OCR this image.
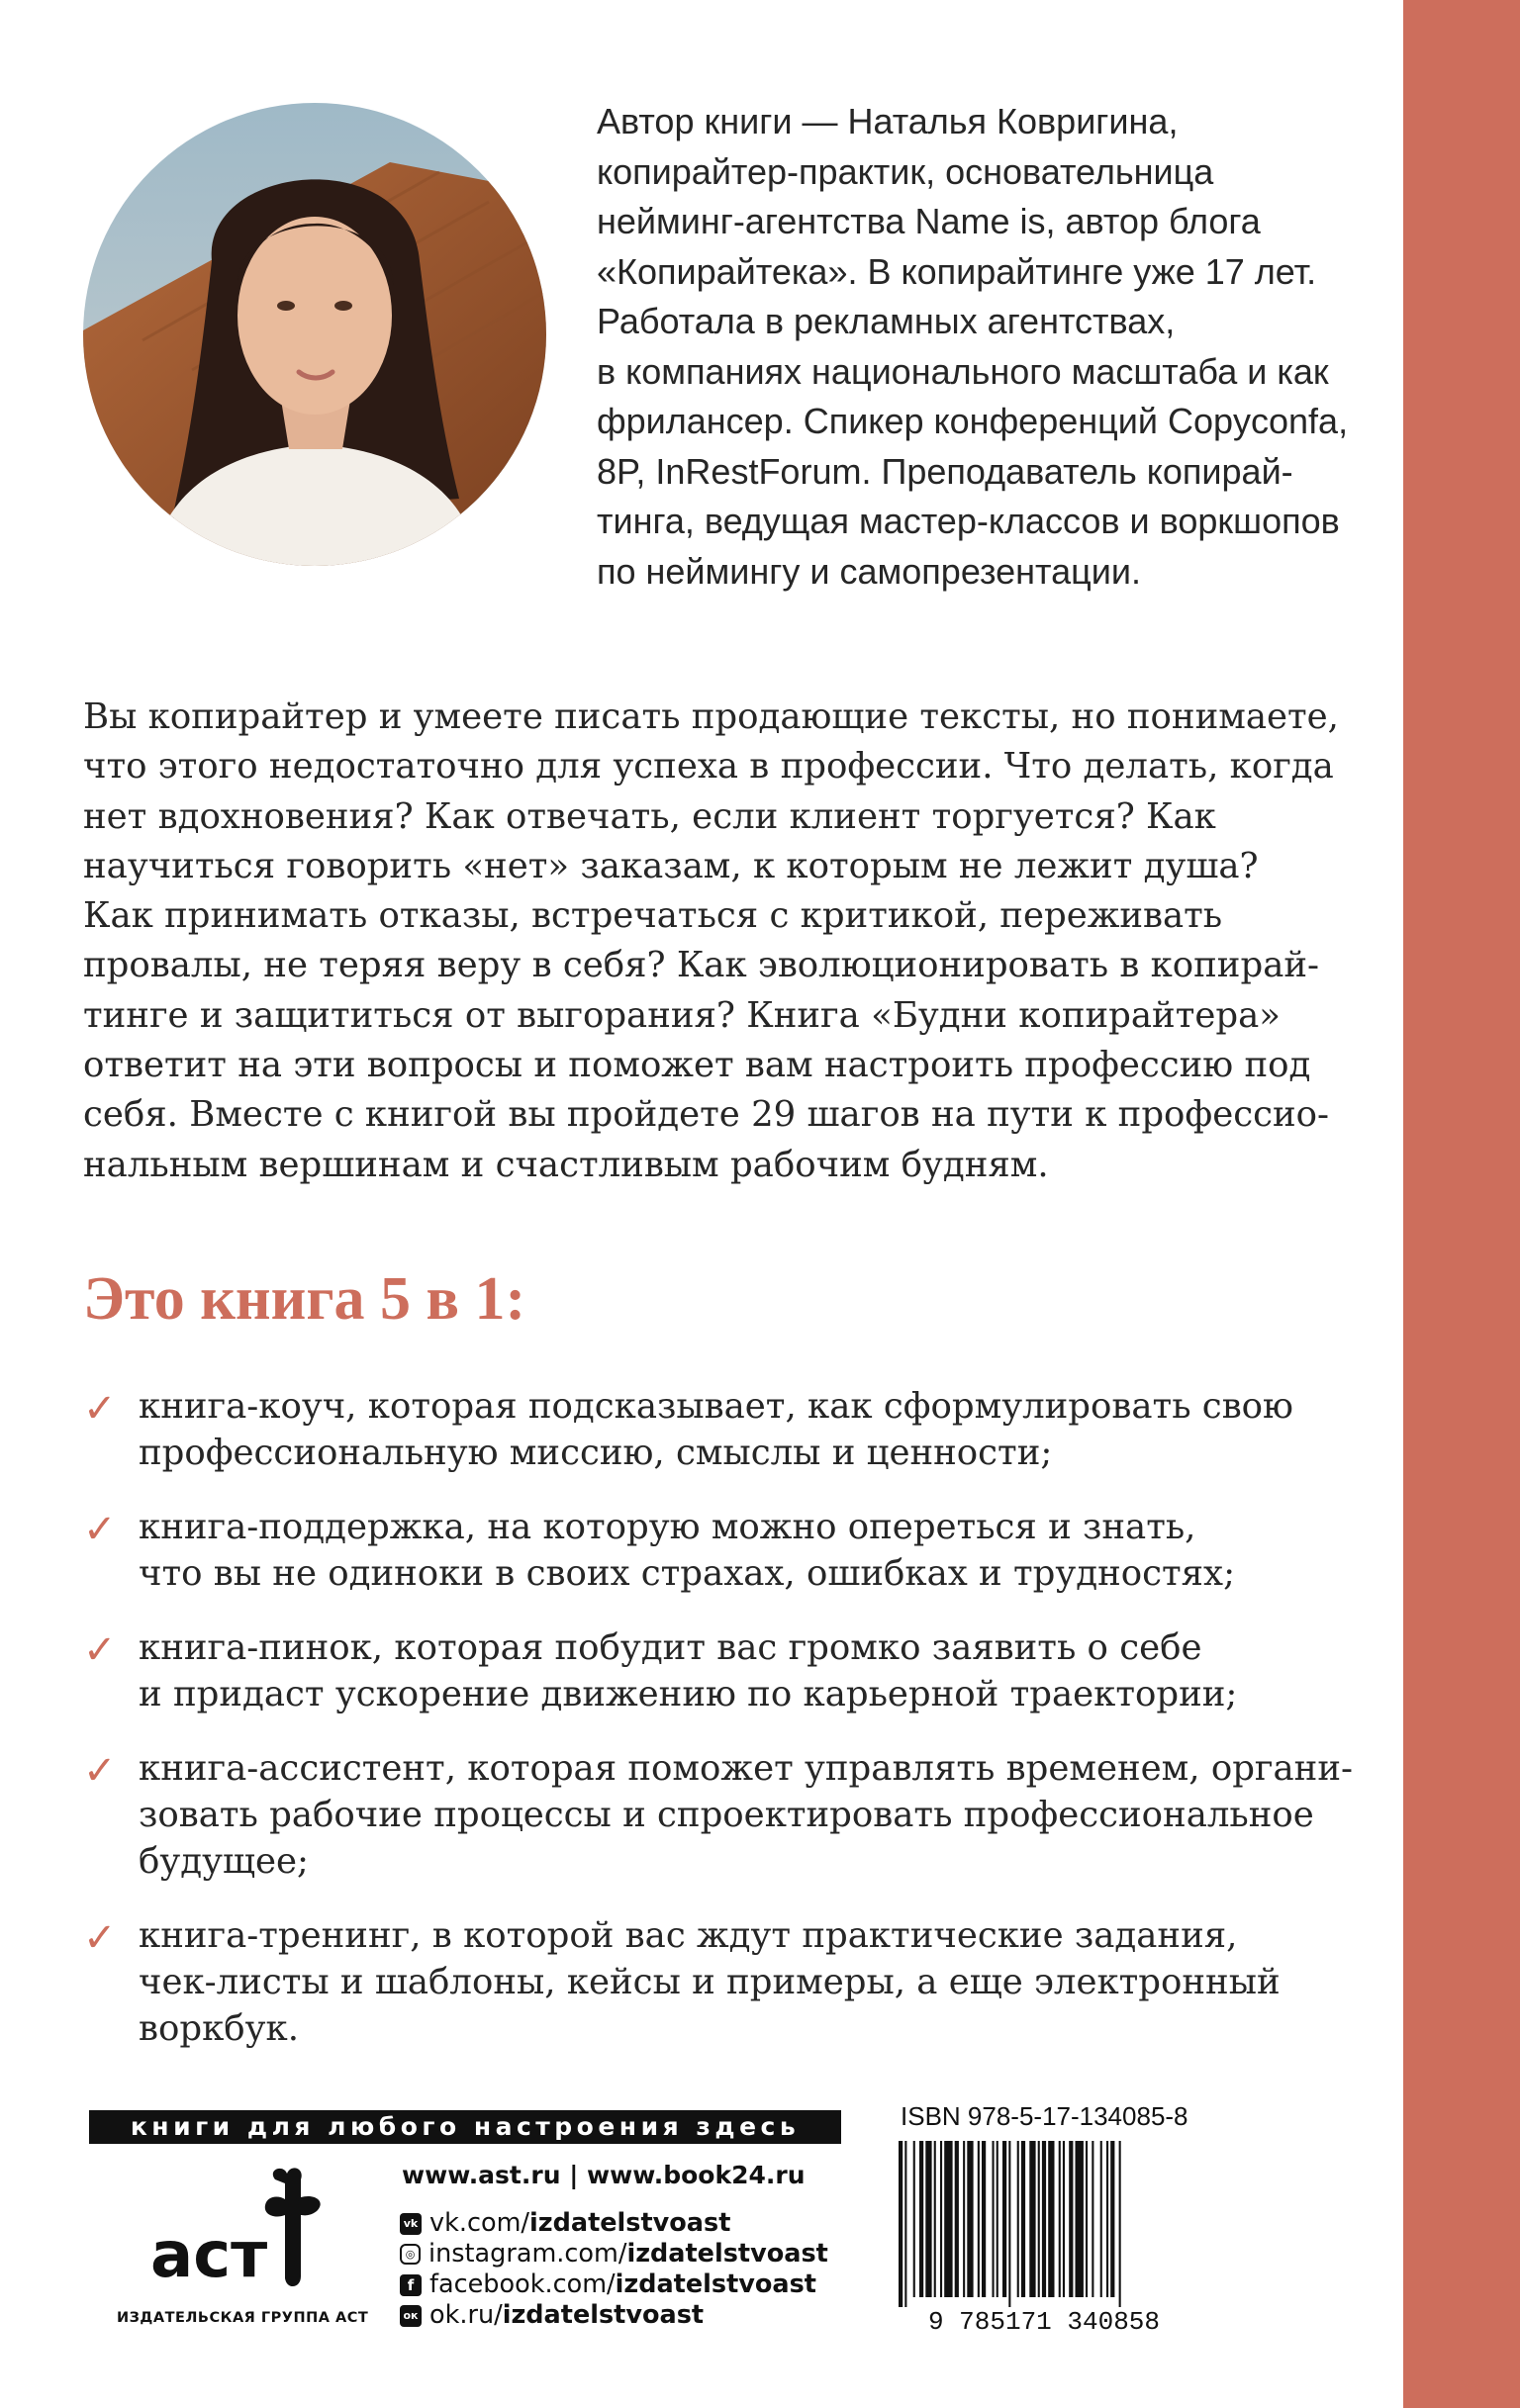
Автор книги — Наталья Ковригина,
копирайтер-практик, основательница
нейминг-агентства Name is, автор блога
«Копирайтека». В копирайтинге уже 17 лет.
Работала в рекламных агентствах,
в компаниях национального масштаба и как
фрилансер. Спикер конференций Copyconfa,
8P, InRestForum. Преподаватель копирай-
тинга, ведущая мастер-классов и воркшопов
по неймингу и самопрезентации.
Вы копирайтер и умеете писать продающие тексты, но понимаете,
что этого недостаточно для успеха в профессии. Что делать, когда
нет вдохновения? Как отвечать, если клиент торгуется? Как
научиться говорить «нет» заказам, к которым не лежит душа?
Как принимать отказы, встречаться с критикой, переживать
провалы, не теряя веру в себя? Как эволюционировать в копирай-
тинге и защититься от выгорания? Книга «Будни копирайтера»
ответит на эти вопросы и поможет вам настроить профессию под
себя. Вместе с книгой вы пройдете 29 шагов на пути к профессио-
нальным вершинам и счастливым рабочим будням.
Это книга 5 в 1:
✓ книга-коуч, которая подсказывает, как сформулировать свою
профессиональную миссию, смыслы и ценности;
✓ книга-поддержка, на которую можно опереться и знать,
что вы не одиноки в своих страхах, ошибках и трудностях;
✓ книга-пинок, которая побудит вас громко заявить о себе
и придаст ускорение движению по карьерной траектории;
✓ книга-ассистент, которая поможет управлять временем, органи-
зовать рабочие процессы и спроектировать профессиональное
будущее;
✓ книга-тренинг, в которой вас ждут практические задания,
чек-листы и шаблоны, кейсы и примеры, а еще электронный
воркбук.
книги для любого настроения здесь
аст
ИЗДАТЕЛЬСКАЯ ГРУППА АСТ
www.ast.ru | www.book24.ru
vk vk.com/ izdatelstvoast
◎ instagram.com/ izdatelstvoast
f facebook.com/ izdatelstvoast
ок ok.ru/ izdatelstvoast
ISBN 978-5-17-134085-8
9 785171 340858
